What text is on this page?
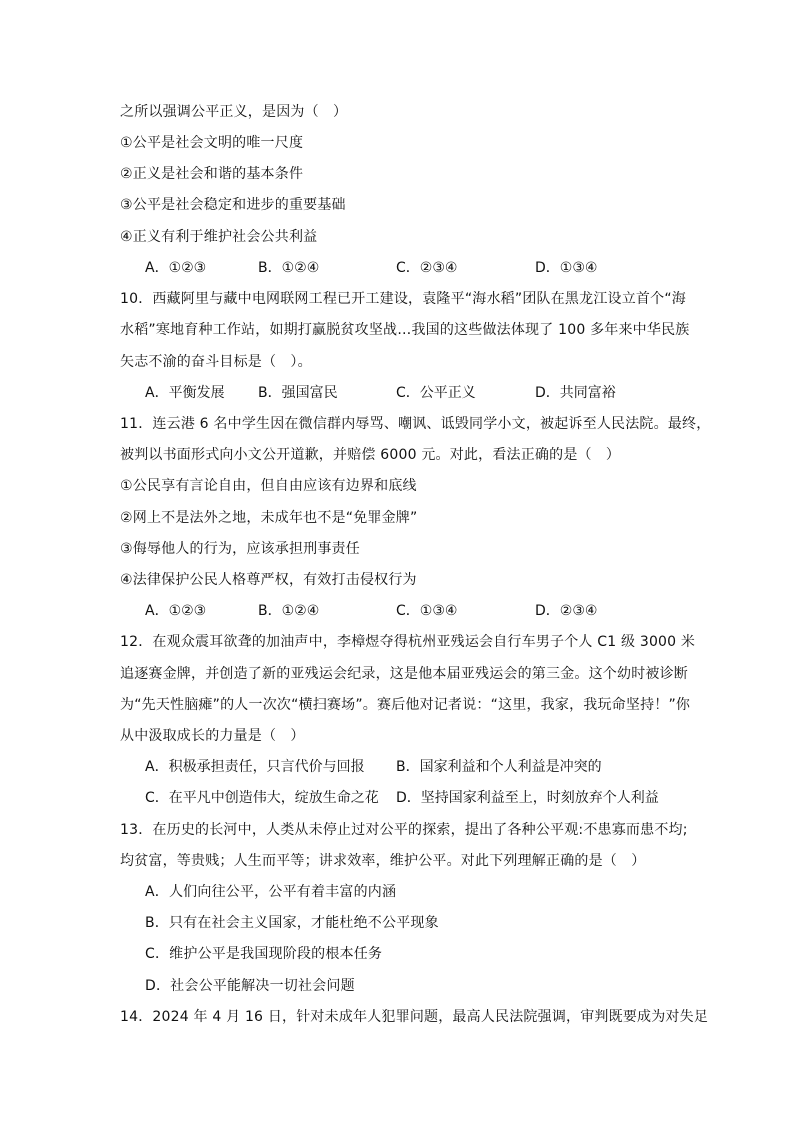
之所以强调公平正义，是因为（　）
①公平是社会文明的唯一尺度
②正义是社会和谐的基本条件
③公平是社会稳定和进步的重要基础
④正义有利于维护社会公共利益
A．①②③	B．①②④	C．②③④	D．①③④
10．西藏阿里与藏中电网联网工程已开工建设，袁隆平“海水稻”团队在黑龙江设立首个“海
水稻”寒地育种工作站，如期打赢脱贫攻坚战…我国的这些做法体现了 100 多年来中华民族
矢志不渝的奋斗目标是（　）。
A．平衡发展 B．强国富民	C．公平正义	D．共同富裕
11．连云港 6 名中学生因在微信群内辱骂、嘲讽、诋毁同学小文，被起诉至人民法院。最终，
被判以书面形式向小文公开道歉，并赔偿 6000 元。对此，看法正确的是（　）
①公民享有言论自由，但自由应该有边界和底线
②网上不是法外之地，未成年也不是“免罪金牌”
③侮辱他人的行为，应该承担刑事责任
④法律保护公民人格尊严权，有效打击侵权行为
A．①②③	B．①②④	C．①③④	D．②③④
12．在观众震耳欲聋的加油声中，李樟煜夺得杭州亚残运会自行车男子个人 C1 级 3000 米
追逐赛金牌，并创造了新的亚残运会纪录，这是他本届亚残运会的第三金。这个幼时被诊断
为“先天性脑瘫”的人一次次“横扫赛场”。赛后他对记者说：“这里，我家，我玩命坚持！”你
从中汲取成长的力量是（　）
A．积极承担责任，只言代价与回报 B．国家利益和个人利益是冲突的
C．在平凡中创造伟大，绽放生命之花 D．坚持国家利益至上，时刻放弃个人利益
13．在历史的长河中，人类从未停止过对公平的探索，提出了各种公平观:不患寡而患不均;
均贫富，等贵贱；人生而平等；讲求效率，维护公平。对此下列理解正确的是（　）
A．人们向往公平，公平有着丰富的内涵
B．只有在社会主义国家，才能杜绝不公平现象
C．维护公平是我国现阶段的根本任务
D．社会公平能解决一切社会问题
14．2024 年 4 月 16 日，针对未成年人犯罪问题，最高人民法院强调，审判既要成为对失足
